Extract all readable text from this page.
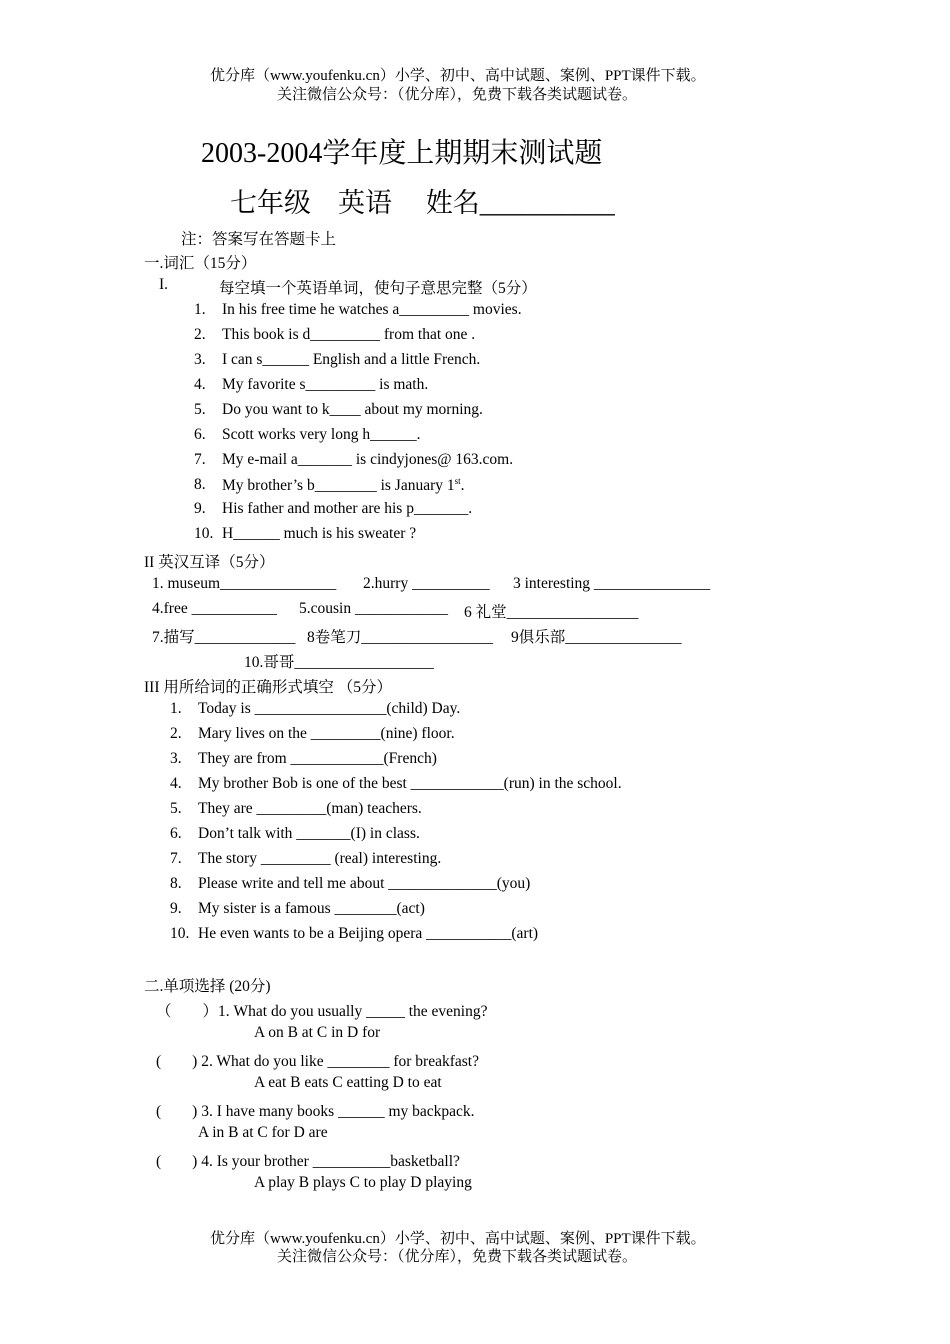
优分库（www.youfenku.cn）小学、初中、高中试题、案例、PPT课件下载。
关注微信公众号：（优分库），免费下载各类试题试卷。
2003-2004学年度上期期末测试题
七年级　英语　 姓名__________
注：答案写在答题卡上
一.词汇（15分）
I.	每空填一个英语单词，使句子意思完整（5分）
1. In his free time he watches a_________ movies.
2. This book is d_________ from that one .
3. I can s______ English and a little French.
4. My favorite s_________ is math.
5. Do you want to k____ about my morning.
6. Scott works very long h______.
7. My e-mail a_______ is cindyjones@ 163.com.
8. My brother’s b________ is January 1st.
9. His father and mother are his p_______.
10. H______ much is his sweater ?
II 英汉互译（5分）
1. museum_______________ 2.hurry __________ 3 interesting _______________
4.free ___________ 5.cousin ____________ 6 礼堂_________________
7.描写_____________ 8卷笔刀_________________ 9俱乐部_______________
10.哥哥__________________
III 用所给词的正确形式填空 （5分）
1. Today is _________________(child) Day.
2. Mary lives on the _________(nine) floor.
3. They are from ____________(French)
4. My brother Bob is one of the best ____________(run) in the school.
5. They are _________(man) teachers.
6. Don’t talk with _______(I) in class.
7. The story _________ (real) interesting.
8. Please write and tell me about ______________(you)
9. My sister is a famous ________(act)
10. He even wants to be a Beijing opera ___________(art)
二.单项选择 (20分)
（　　）1. What do you usually _____ the evening?
A on B at C in D for
(　　) 2. What do you like ________ for breakfast?
A eat B eats C eatting D to eat
(　　) 3. I have many books ______ my backpack.
A in B at C for D are
(　　) 4. Is your brother __________basketball?
A play B plays C to play D playing
优分库（www.youfenku.cn）小学、初中、高中试题、案例、PPT课件下载。
关注微信公众号：（优分库），免费下载各类试题试卷。
